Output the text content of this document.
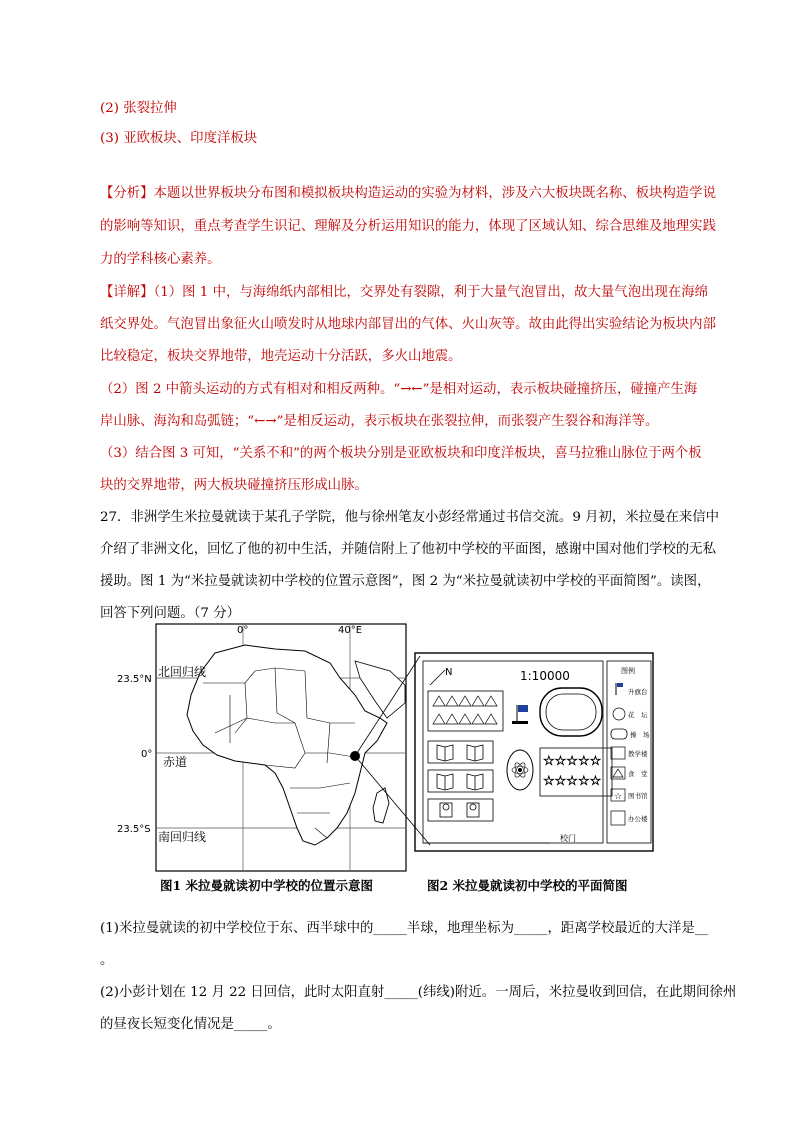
(2) 张裂拉伸
(3) 亚欧板块、印度洋板块
【分析】本题以世界板块分布图和模拟板块构造运动的实验为材料，涉及六大板块既名称、板块构造学说
的影响等知识，重点考查学生识记、理解及分析运用知识的能力，体现了区域认知、综合思维及地理实践
力的学科核心素养。
【详解】（1）图 1 中，与海绵纸内部相比，交界处有裂隙，利于大量气泡冒出，故大量气泡出现在海绵
纸交界处。气泡冒出象征火山喷发时从地球内部冒出的气体、火山灰等。故由此得出实验结论为板块内部
比较稳定，板块交界地带，地壳运动十分活跃，多火山地震。
（2）图 2 中箭头运动的方式有相对和相反两种。“→←”是相对运动，表示板块碰撞挤压，碰撞产生海
岸山脉、海沟和岛弧链；“←→”是相反运动，表示板块在张裂拉伸，而张裂产生裂谷和海洋等。
（3）结合图 3 可知，“关系不和”的两个板块分别是亚欧板块和印度洋板块，喜马拉雅山脉位于两个板
块的交界地带，两大板块碰撞挤压形成山脉。
27．非洲学生米拉曼就读于某孔子学院，他与徐州笔友小彭经常通过书信交流。9 月初，米拉曼在来信中
介绍了非洲文化，回忆了他的初中生活，并随信附上了他初中学校的平面图，感谢中国对他们学校的无私
援助。图 1 为“米拉曼就读初中学校的位置示意图”，图 2 为“米拉曼就读初中学校的平面简图”。读图，
回答下列问题。（7 分）
0°	40°E
23.5°N
0°
23.5°S
北回归线
赤道
南回归线
N	1:10000
☆☆☆☆☆
☆☆☆☆☆
校门
图例
升旗台
花　坛
操　场
教学楼
食　堂
☆ 图书馆
办公楼
图1 米拉曼就读初中学校的位置示意图	图2 米拉曼就读初中学校的平面简图
(1)米拉曼就读的初中学校位于东、西半球中的_____半球，地理坐标为_____，距离学校最近的大洋是__
。
(2)小彭计划在 12 月 22 日回信，此时太阳直射_____(纬线)附近。一周后，米拉曼收到回信，在此期间徐州
的昼夜长短变化情况是_____。
